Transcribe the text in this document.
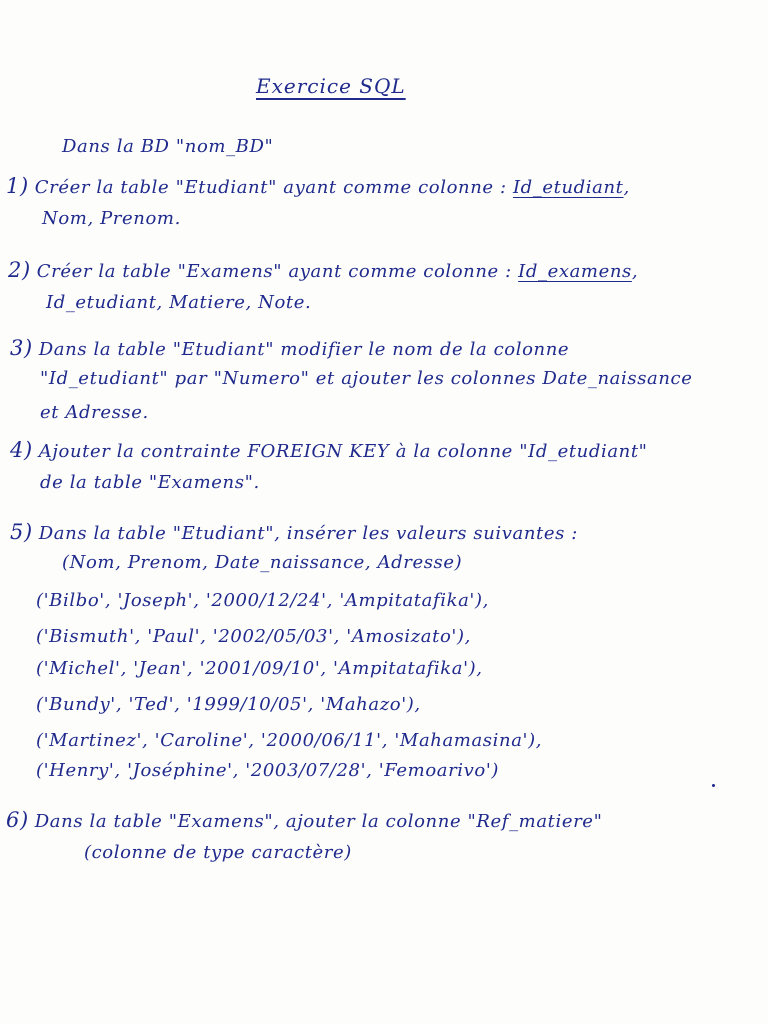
Exercice SQL
Dans la BD "nom_BD"
1) Créer la table "Etudiant" ayant comme colonne : Id_etudiant,
Nom, Prenom.
2) Créer la table "Examens" ayant comme colonne : Id_examens,
Id_etudiant, Matiere, Note.
3) Dans la table "Etudiant" modifier le nom de la colonne
"Id_etudiant" par "Numero" et ajouter les colonnes Date_naissance
et Adresse.
4) Ajouter la contrainte FOREIGN KEY à la colonne "Id_etudiant"
de la table "Examens".
5) Dans la table "Etudiant", insérer les valeurs suivantes :
(Nom, Prenom, Date_naissance, Adresse)
('Bilbo', 'Joseph', '2000/12/24', 'Ampitatafika'),
('Bismuth', 'Paul', '2002/05/03', 'Amosizato'),
('Michel', 'Jean', '2001/09/10', 'Ampitatafika'),
('Bundy', 'Ted', '1999/10/05', 'Mahazo'),
('Martinez', 'Caroline', '2000/06/11', 'Mahamasina'),
('Henry', 'Joséphine', '2003/07/28', 'Femoarivo')
6) Dans la table "Examens", ajouter la colonne "Ref_matiere"
(colonne de type caractère)
